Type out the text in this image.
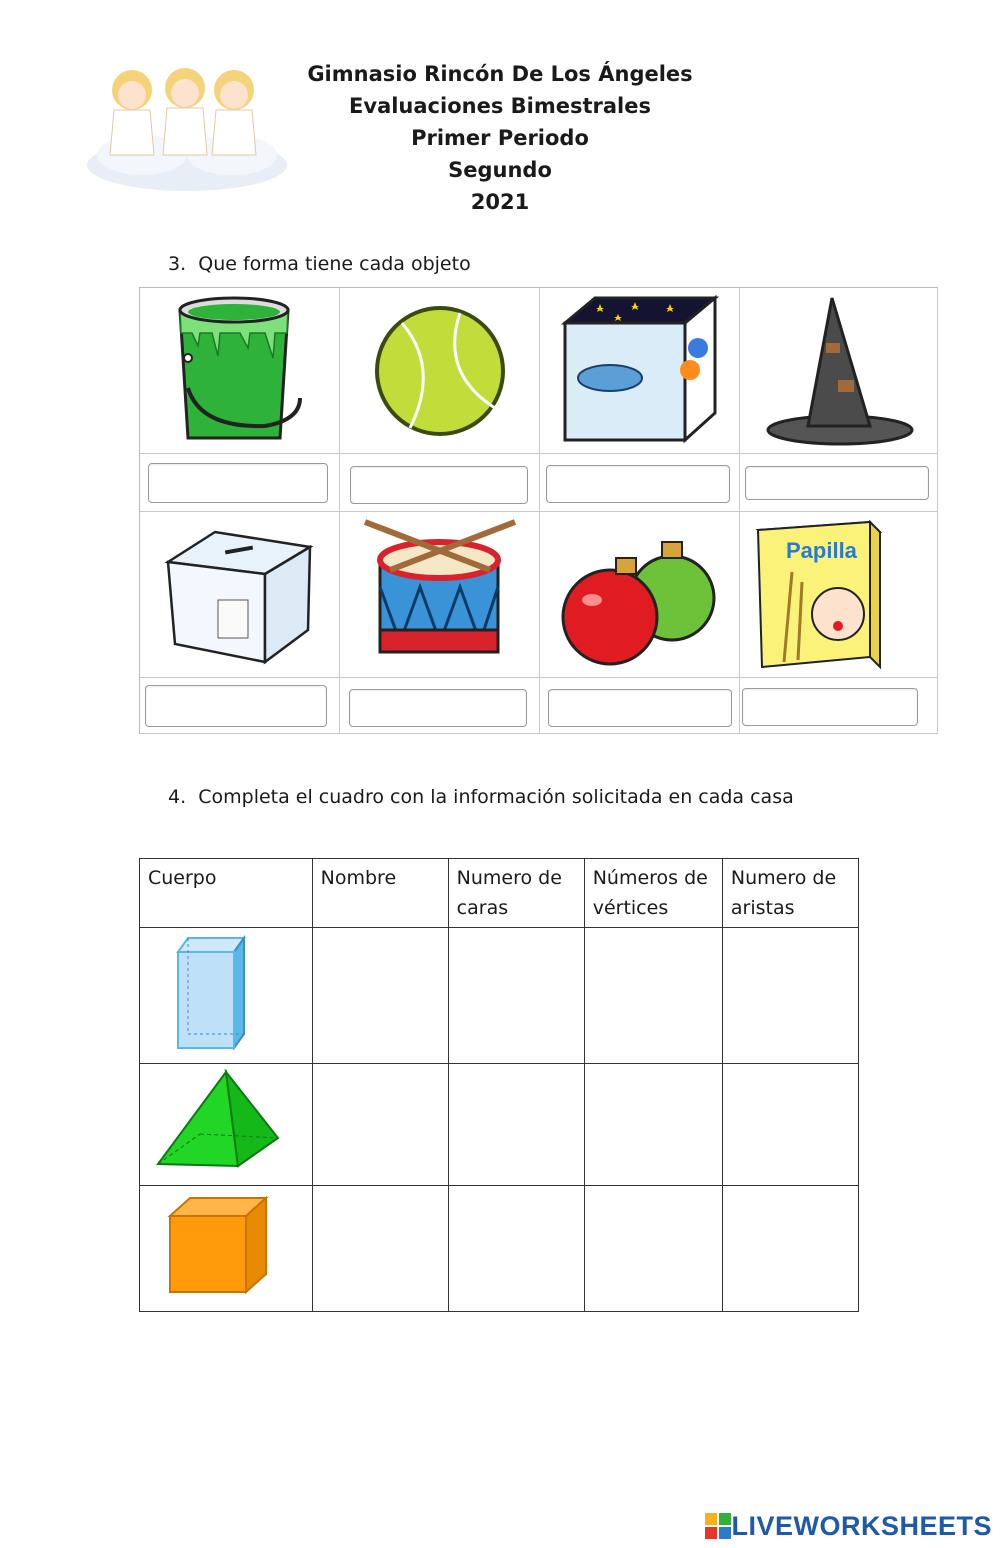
Gimnasio Rincón De Los Ángeles
Evaluaciones Bimestrales
Primer Periodo
Segundo
2021
3. Que forma tiene cada objeto
Papilla
4. Completa el cuadro con la información solicitada en cada casa
Cuerpo	Nombre	Numero de caras	Números de vértices	Numero de aristas

LIVEWORKSHEETS
